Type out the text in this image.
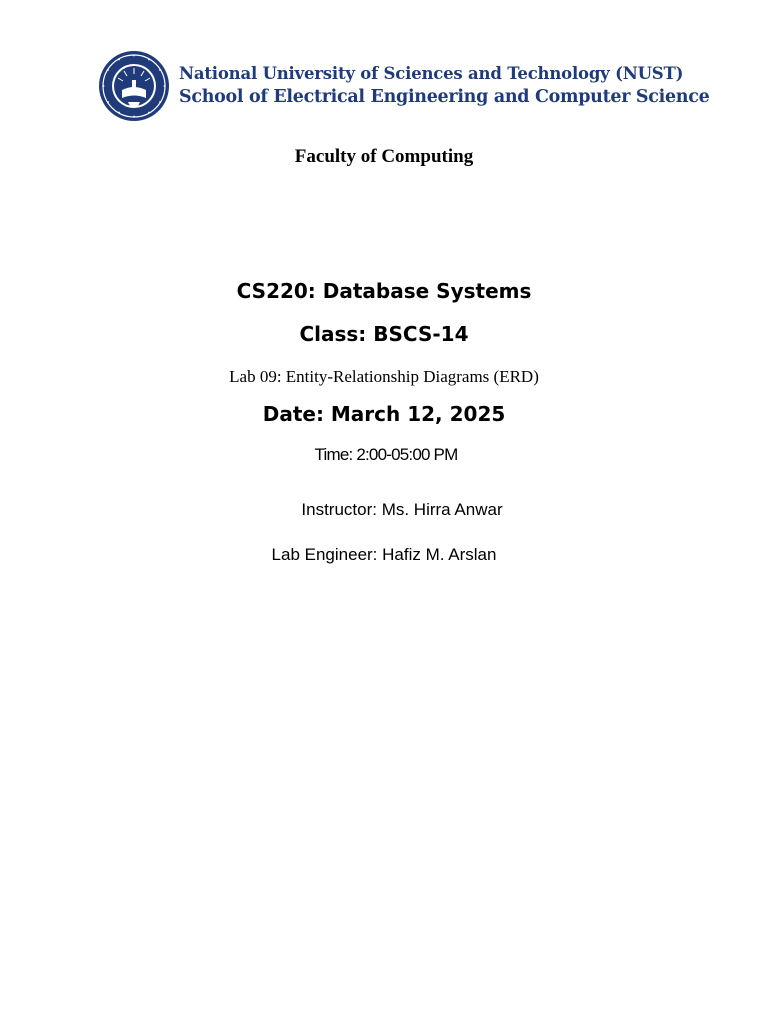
National University of Sciences and Technology (NUST)
School of Electrical Engineering and Computer Science
Faculty of Computing
CS220: Database Systems
Class: BSCS-14
Lab 09: Entity-Relationship Diagrams (ERD)
Date: March 12, 2025
Time: 2:00-05:00 PM
Instructor: Ms. Hirra Anwar
Lab Engineer: Hafiz M. Arslan
